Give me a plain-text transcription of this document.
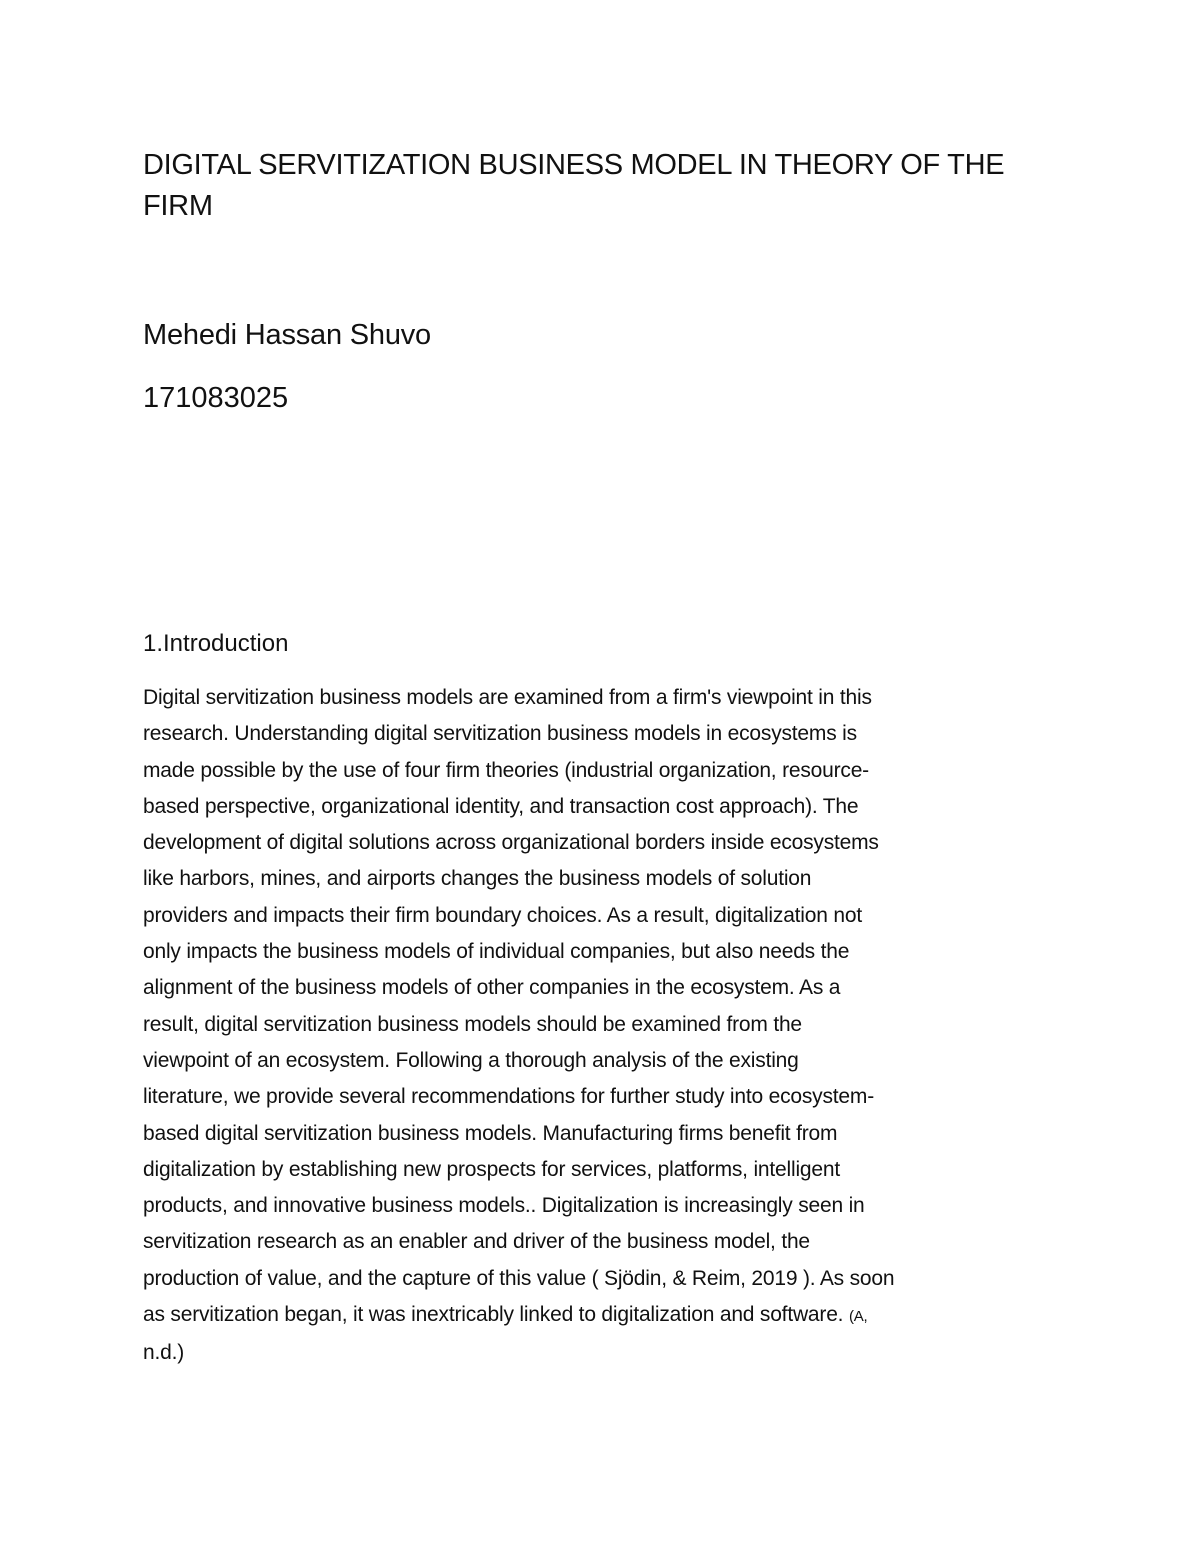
DIGITAL SERVITIZATION BUSINESS MODEL IN THEORY OF THE FIRM

Mehedi Hassan Shuvo

171083025

1.Introduction

Digital servitization business models are examined from a firm's viewpoint in this
research. Understanding digital servitization business models in ecosystems is
made possible by the use of four firm theories (industrial organization, resource-
based perspective, organizational identity, and transaction cost approach). The
development of digital solutions across organizational borders inside ecosystems
like harbors, mines, and airports changes the business models of solution
providers and impacts their firm boundary choices. As a result, digitalization not
only impacts the business models of individual companies, but also needs the
alignment of the business models of other companies in the ecosystem. As a
result, digital servitization business models should be examined from the
viewpoint of an ecosystem. Following a thorough analysis of the existing
literature, we provide several recommendations for further study into ecosystem-
based digital servitization business models. Manufacturing firms benefit from
digitalization by establishing new prospects for services, platforms, intelligent
products, and innovative business models.. Digitalization is increasingly seen in
servitization research as an enabler and driver of the business model, the
production of value, and the capture of this value ( Sjödin, & Reim, 2019 ). As soon
as servitization began, it was inextricably linked to digitalization and software. (A,
n.d.)
